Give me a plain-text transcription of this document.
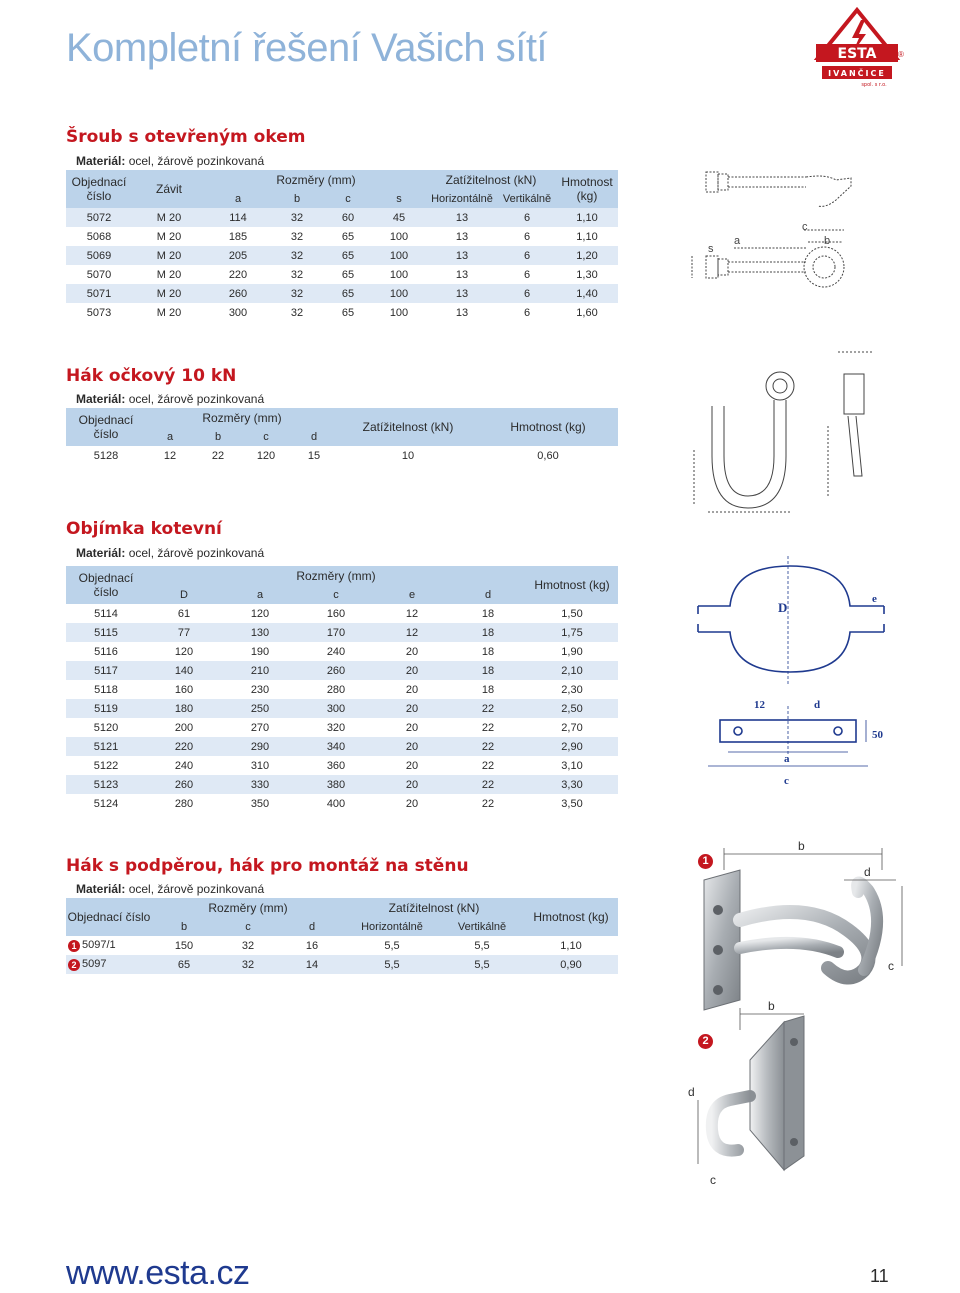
Kompletní řešení Vašich sítí	ESTA	®
IVANČICE
spol. s r.o.
Šroub s otevřeným okem
Materiál: ocel, žárově pozinkovaná
Objednací číslo	Závit	Rozměry (mm)				Zatížitelnost (kN)		Hmotnost (kg)
		a	b	c	s	Horizontálně	Vertikálně	
5072	M 20	114	32	60	45	13	6	1,10
5068	M 20	185	32	65	100	13	6	1,10
5069	M 20	205	32	65	100	13	6	1,20
5070	M 20	220	32	65	100	13	6	1,30
5071	M 20	260	32	65	100	13	6	1,40
5073	M 20	300	32	65	100	13	6	1,60
s
a
c
b
Hák očkový 10 kN
Materiál: ocel, žárově pozinkovaná
Objednací číslo	Rozměry (mm)				Zatížitelnost (kN)	Hmotnost (kg)
	a	b	c	d		
5128	12	22	120	15	10	0,60
Objímka kotevní
Materiál: ocel, žárově pozinkovaná
Objednací číslo	Rozměry (mm)					Hmotnost (kg)
	D	a	c	e	d	
5114	61	120	160	12	18	1,50
5115	77	130	170	12	18	1,75
5116	120	190	240	20	18	1,90
5117	140	210	260	20	18	2,10
5118	160	230	280	20	18	2,30
5119	180	250	300	20	22	2,50
5120	200	270	320	20	22	2,70
5121	220	290	340	20	22	2,90
5122	240	310	360	20	22	3,10
5123	260	330	380	20	22	3,30
5124	280	350	400	20	22	3,50
D
e
12	d
50
a
c
Hák s podpěrou, hák pro montáž na stěnu
Materiál: ocel, žárově pozinkovaná
Objednací číslo	Rozměry (mm)			Zatížitelnost (kN)		Hmotnost (kg)
	b	c	d	Horizontálně	Vertikálně	
1 5097/1	150	32	16	5,5	5,5	1,10
2 5097	65	32	14	5,5	5,5	0,90
1
b
d
c
2
b
d
c
www.esta.cz	11
